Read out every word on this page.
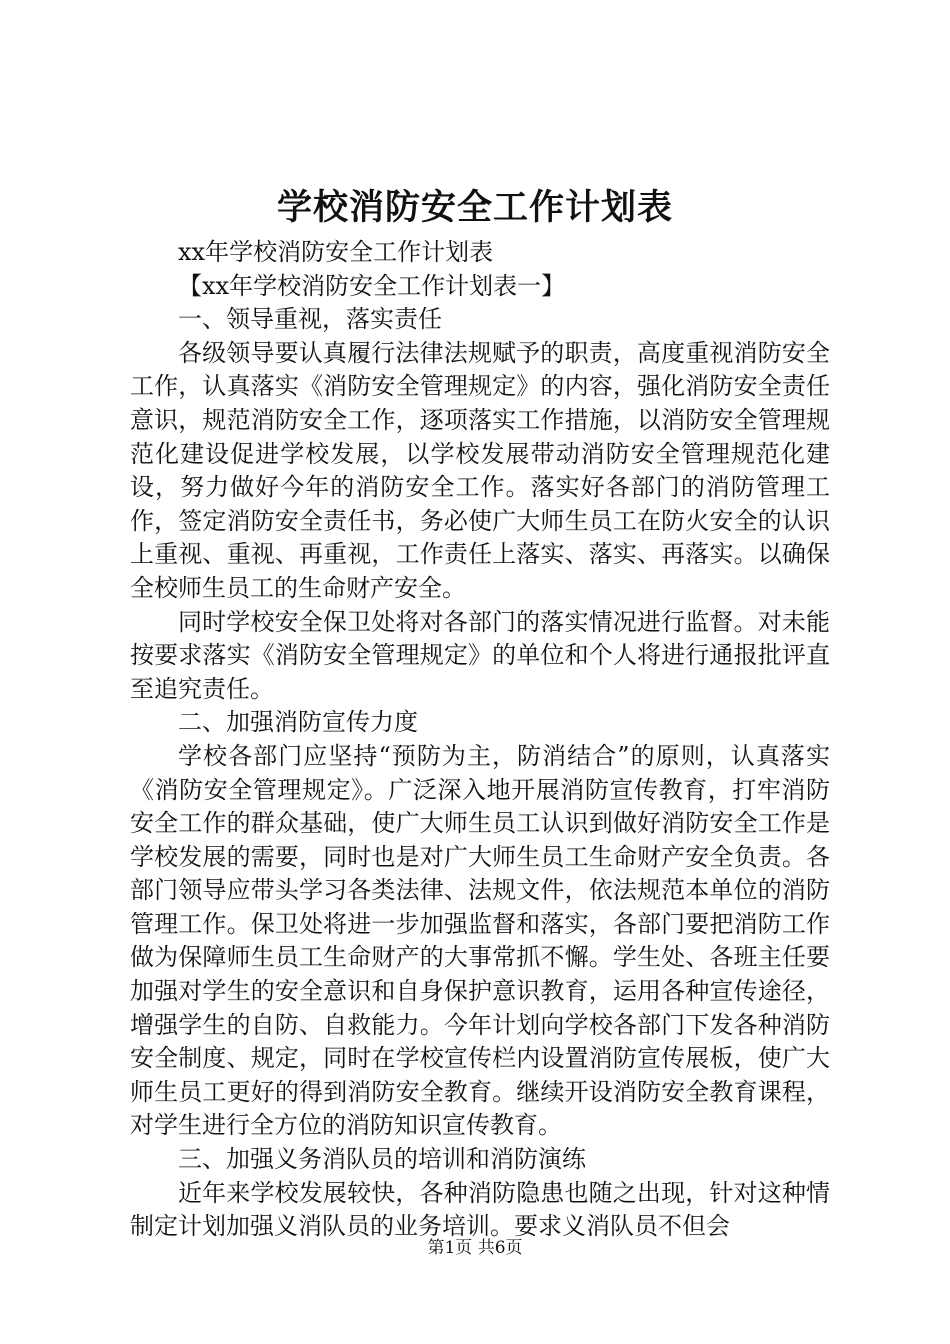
学校消防安全工作计划表

xx年学校消防安全工作计划表

【xx年学校消防安全工作计划表一】

一、领导重视，落实责任

各级领导要认真履行法律法规赋予的职责，高度重视消防安全工作，认真落实《消防安全管理规定》的内容，强化消防安全责任意识，规范消防安全工作，逐项落实工作措施，以消防安全管理规范化建设促进学校发展，以学校发展带动消防安全管理规范化建设，努力做好今年的消防安全工作。落实好各部门的消防管理工作，签定消防安全责任书，务必使广大师生员工在防火安全的认识上重视、重视、再重视，工作责任上落实、落实、再落实。以确保全校师生员工的生命财产安全。

同时学校安全保卫处将对各部门的落实情况进行监督。对未能按要求落实《消防安全管理规定》的单位和个人将进行通报批评直至追究责任。

二、加强消防宣传力度

学校各部门应坚持“预防为主，防消结合”的原则，认真落实《消防安全管理规定》。广泛深入地开展消防宣传教育，打牢消防安全工作的群众基础，使广大师生员工认识到做好消防安全工作是学校发展的需要，同时也是对广大师生员工生命财产安全负责。各部门领导应带头学习各类法律、法规文件，依法规范本单位的消防管理工作。保卫处将进一步加强监督和落实，各部门要把消防工作做为保障师生员工生命财产的大事常抓不懈。学生处、各班主任要加强对学生的安全意识和自身保护意识教育，运用各种宣传途径，增强学生的自防、自救能力。今年计划向学校各部门下发各种消防安全制度、规定，同时在学校宣传栏内设置消防宣传展板，使广大师生员工更好的得到消防安全教育。继续开设消防安全教育课程，对学生进行全方位的消防知识宣传教育。

三、加强义务消队员的培训和消防演练

近年来学校发展较快，各种消防隐患也随之出现，针对这种情制定计划加强义消队员的业务培训。要求义消队员不但会

第1页 共6页
